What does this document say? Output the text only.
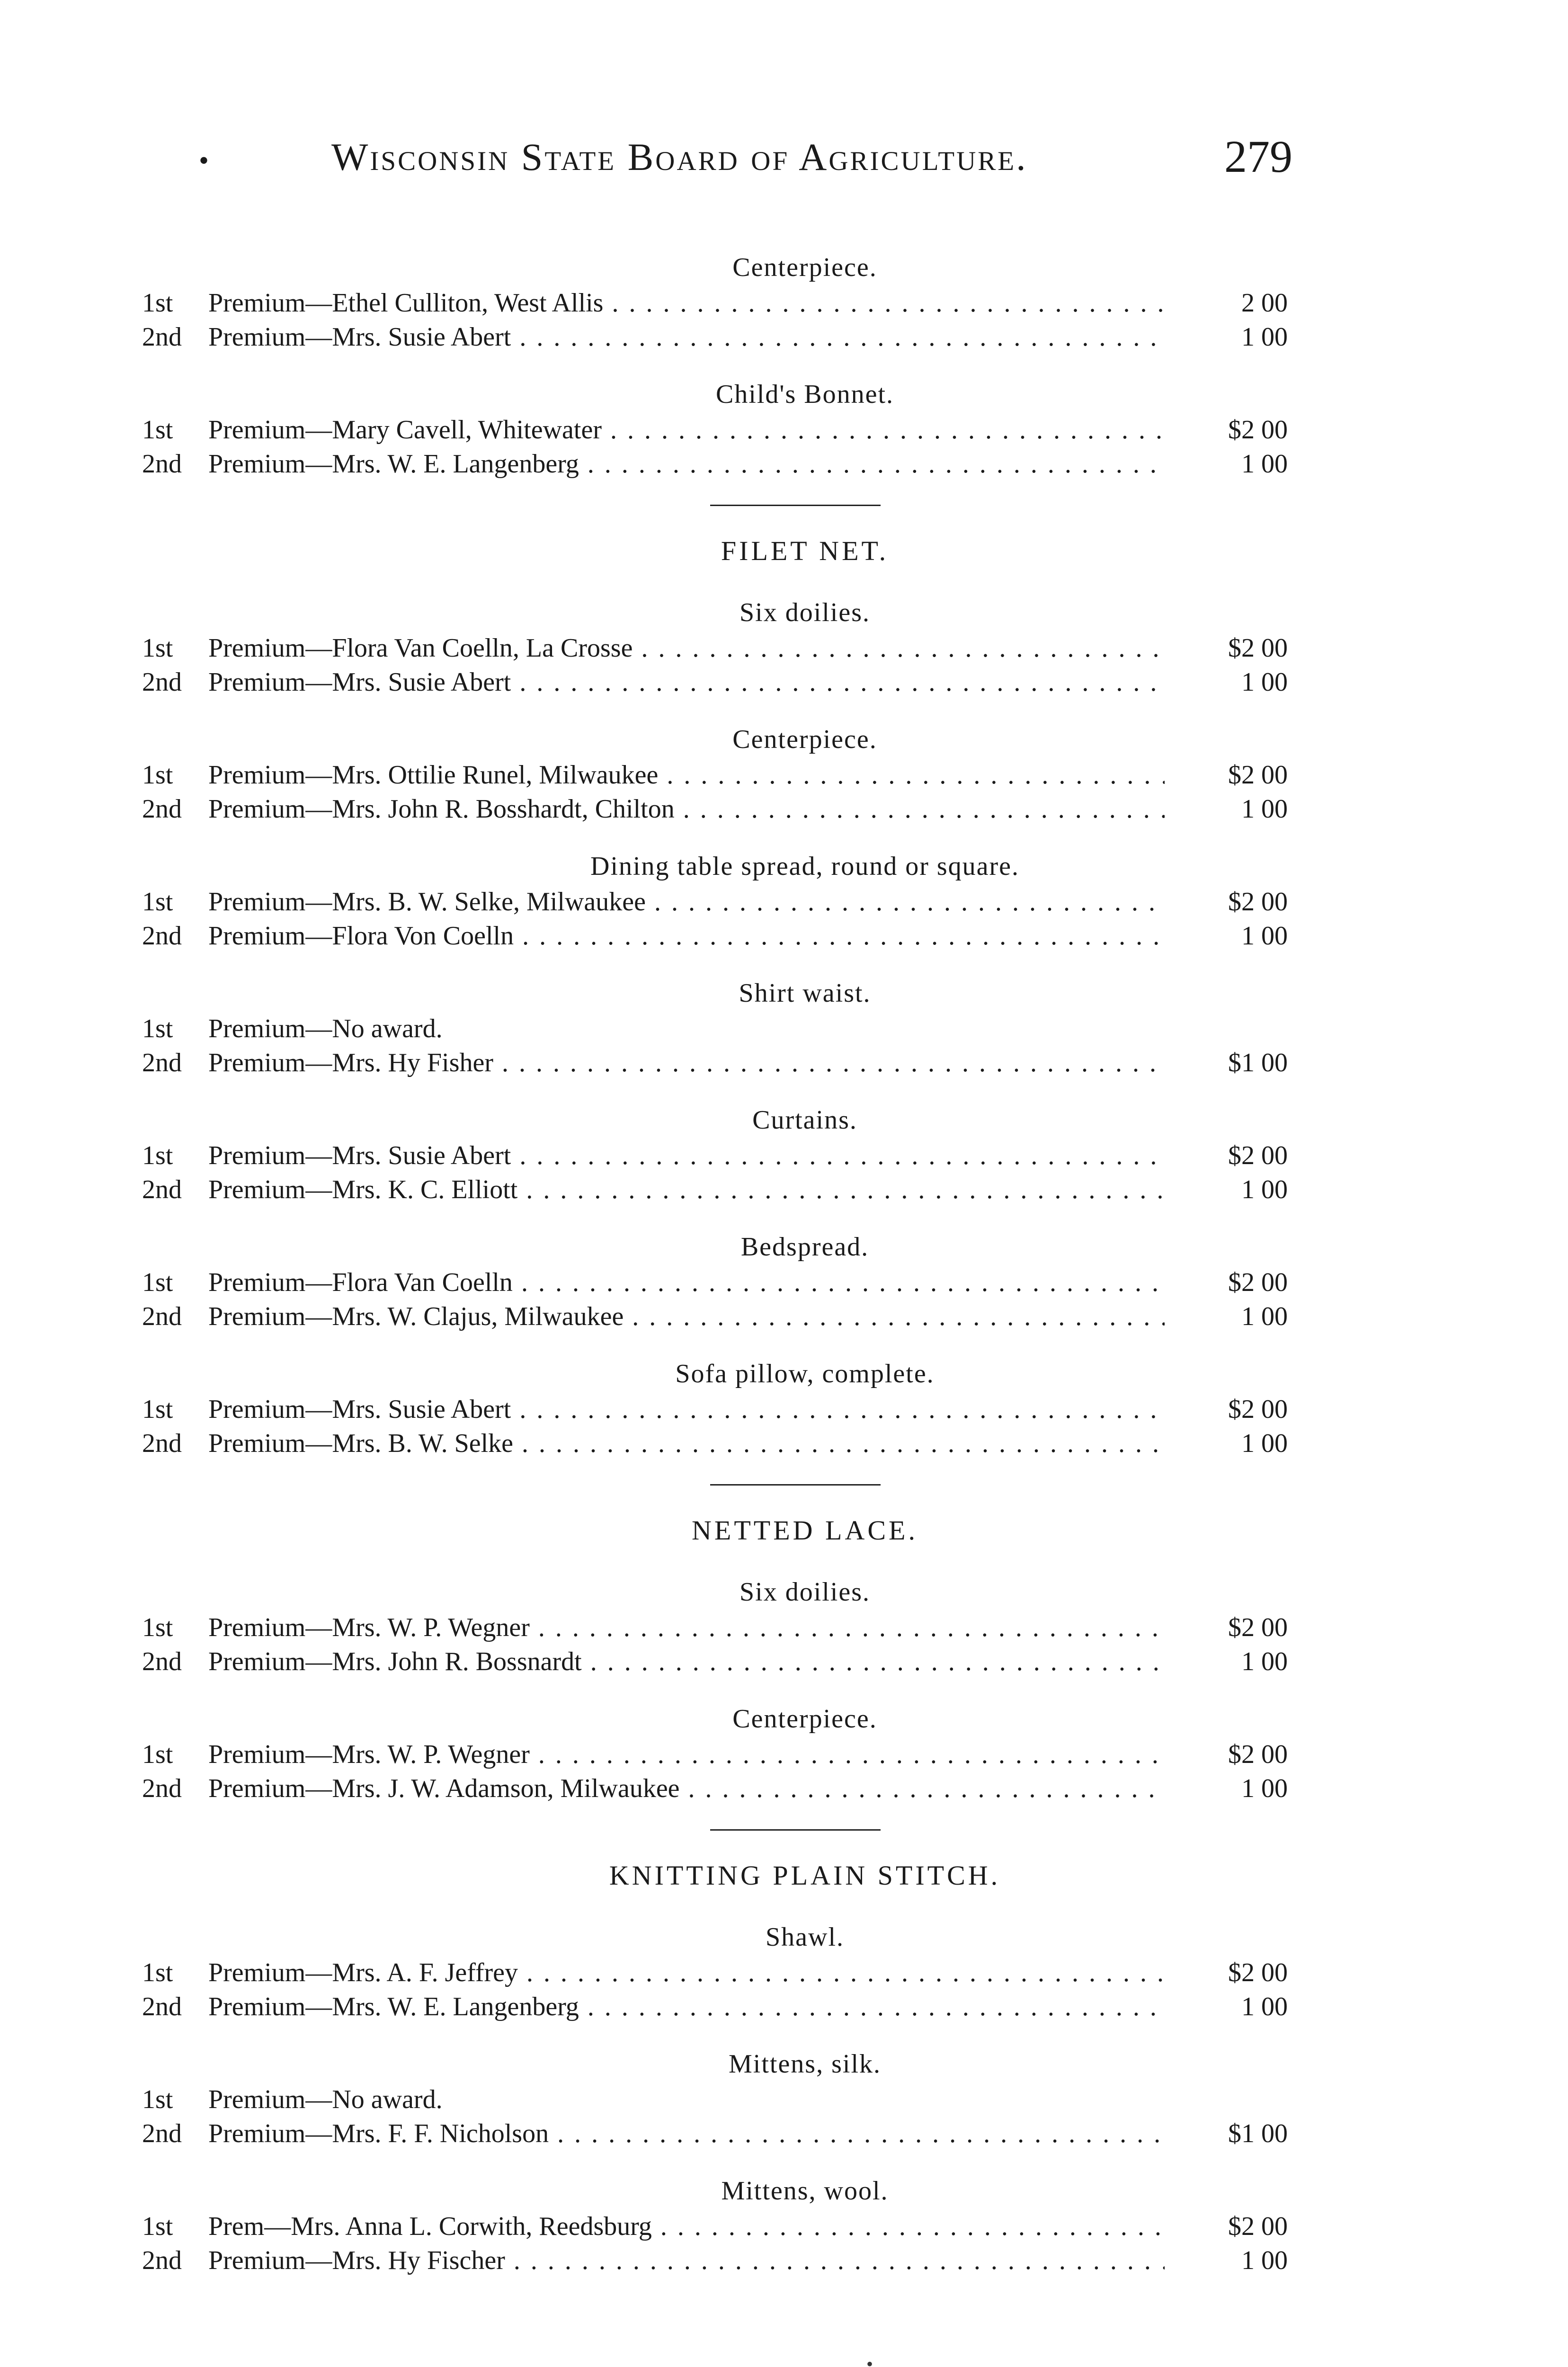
•	Wisconsin State Board of Agriculture.	279
Centerpiece.
1st	Premium—Ethel Culliton, West Allis . . .	2 00
2nd	Premium—Mrs. Susie Abert . . .	1 00
Child's Bonnet.
1st	Premium—Mary Cavell, Whitewater . . .	$2 00
2nd	Premium—Mrs. W. E. Langenberg . . .	1 00
FILET NET.
Six doilies.
1st	Premium—Flora Van Coelln, La Crosse . . .	$2 00
2nd	Premium—Mrs. Susie Abert . . .	1 00
Centerpiece.
1st	Premium—Mrs. Ottilie Runel, Milwaukee . . .	$2 00
2nd	Premium—Mrs. John R. Bosshardt, Chilton . . .	1 00
Dining table spread, round or square.
1st	Premium—Mrs. B. W. Selke, Milwaukee . . .	$2 00
2nd	Premium—Flora Von Coelln . . .	1 00
Shirt waist.
1st	Premium—No award.
2nd	Premium—Mrs. Hy Fisher . . .	$1 00
Curtains.
1st	Premium—Mrs. Susie Abert . . .	$2 00
2nd	Premium—Mrs. K. C. Elliott . . .	1 00
Bedspread.
1st	Premium—Flora Van Coelln . . .	$2 00
2nd	Premium—Mrs. W. Clajus, Milwaukee . . .	1 00
Sofa pillow, complete.
1st	Premium—Mrs. Susie Abert . . .	$2 00
2nd	Premium—Mrs. B. W. Selke . . .	1 00
NETTED LACE.
Six doilies.
1st	Premium—Mrs. W. P. Wegner . . .	$2 00
2nd	Premium—Mrs. John R. Bossnardt . . .	1 00
Centerpiece.
1st	Premium—Mrs. W. P. Wegner . . .	$2 00
2nd	Premium—Mrs. J. W. Adamson, Milwaukee . . .	1 00
KNITTING PLAIN STITCH.
Shawl.
1st	Premium—Mrs. A. F. Jeffrey . . .	$2 00
2nd	Premium—Mrs. W. E. Langenberg . . .	1 00
Mittens, silk.
1st	Premium—No award.
2nd	Premium—Mrs. F. F. Nicholson . . .	$1 00
Mittens, wool.
1st	Prem—Mrs. Anna L. Corwith, Reedsburg . . .	$2 00
2nd	Premium—Mrs. Hy Fischer . . .	1 00
•
